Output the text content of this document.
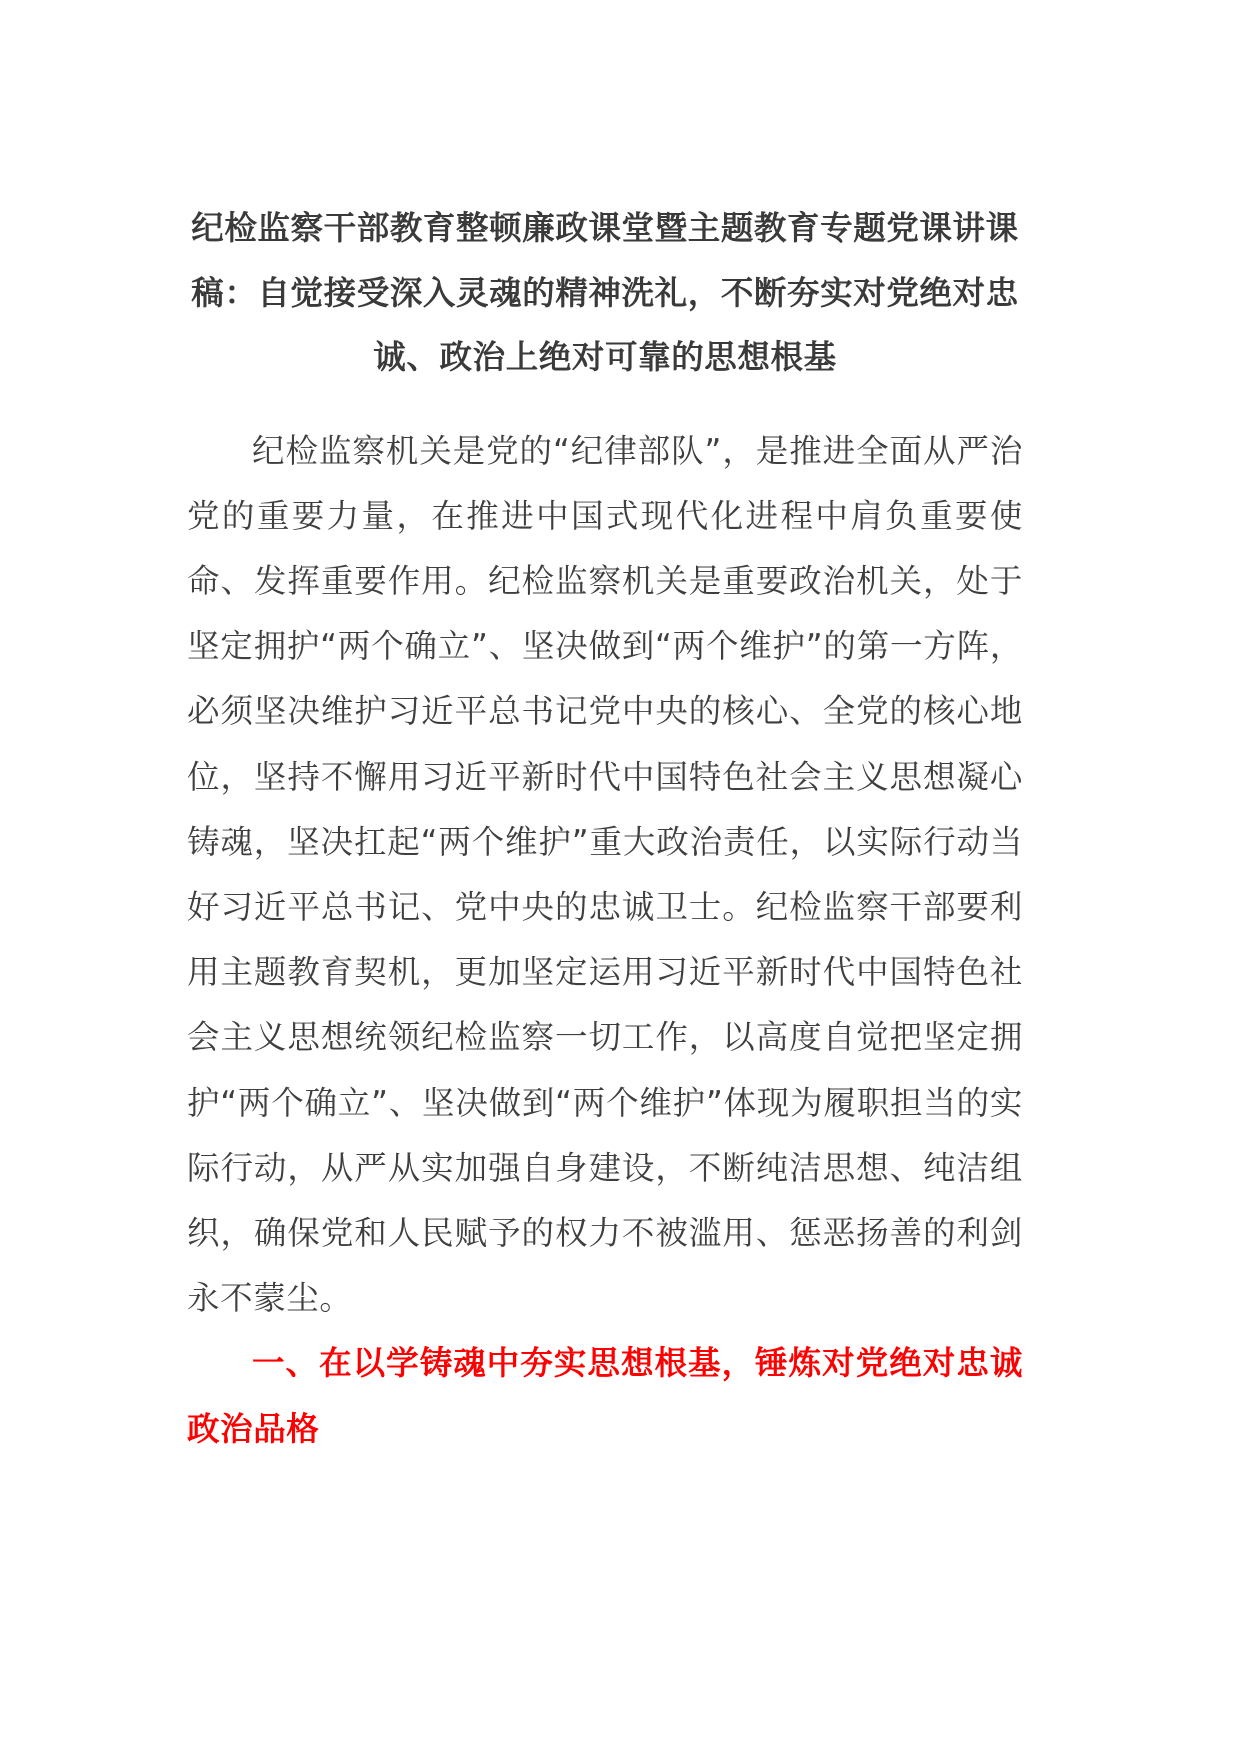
纪检监察干部教育整顿廉政课堂暨主题教育专题党课讲课稿：自觉接受深入灵魂的精神洗礼，不断夯实对党绝对忠诚、政治上绝对可靠的思想根基

纪检监察机关是党的“纪律部队”，是推进全面从严治党的重要力量，在推进中国式现代化进程中肩负重要使命、发挥重要作用。纪检监察机关是重要政治机关，处于坚定拥护“两个确立”、坚决做到“两个维护”的第一方阵，必须坚决维护习近平总书记党中央的核心、全党的核心地位，坚持不懈用习近平新时代中国特色社会主义思想凝心铸魂，坚决扛起“两个维护”重大政治责任，以实际行动当好习近平总书记、党中央的忠诚卫士。纪检监察干部要利用主题教育契机，更加坚定运用习近平新时代中国特色社会主义思想统领纪检监察一切工作，以高度自觉把坚定拥护“两个确立”、坚决做到“两个维护”体现为履职担当的实际行动，从严从实加强自身建设，不断纯洁思想、纯洁组织，确保党和人民赋予的权力不被滥用、惩恶扬善的利剑永不蒙尘。

一、在以学铸魂中夯实思想根基，锤炼对党绝对忠诚政治品格
